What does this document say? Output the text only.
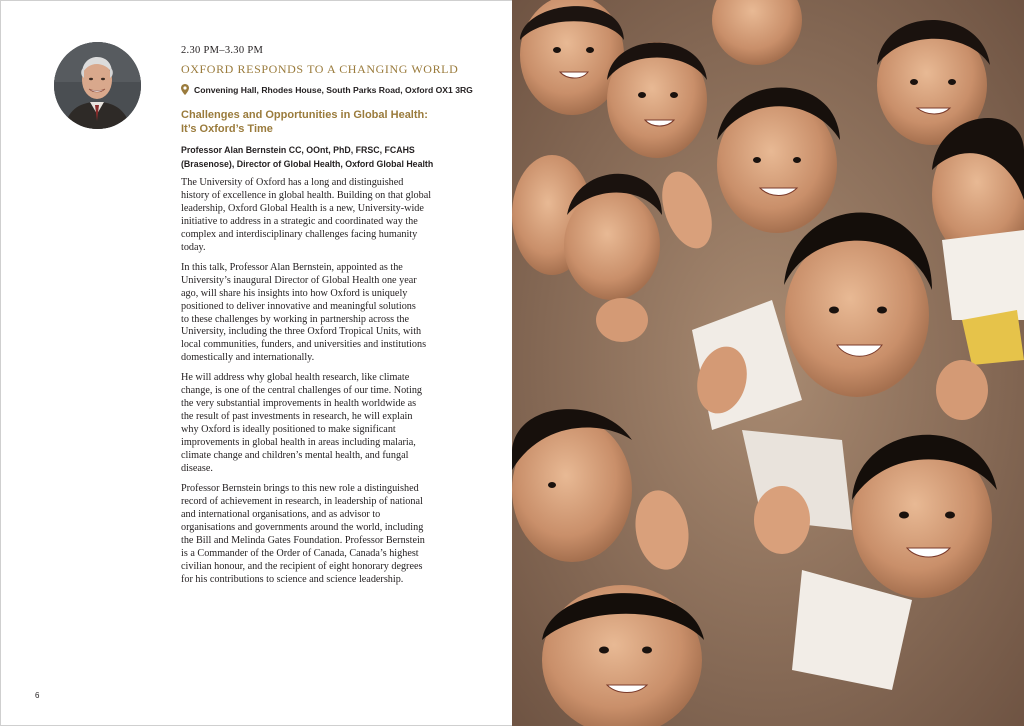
2.30 PM–3.30 PM
OXFORD RESPONDS TO A CHANGING WORLD
Convening Hall, Rhodes House, South Parks Road, Oxford OX1 3RG
Challenges and Opportunities in Global Health:
It’s Oxford’s Time
Professor Alan Bernstein CC, OOnt, PhD, FRSC, FCAHS
(Brasenose), Director of Global Health, Oxford Global Health
The University of Oxford has a long and distinguished
history of excellence in global health. Building on that global
leadership, Oxford Global Health is a new, University-wide
initiative to address in a strategic and coordinated way the
complex and interdisciplinary challenges facing humanity
today.
In this talk, Professor Alan Bernstein, appointed as the
University’s inaugural Director of Global Health one year
ago, will share his insights into how Oxford is uniquely
positioned to deliver innovative and meaningful solutions
to these challenges by working in partnership across the
University, including the three Oxford Tropical Units, with
local communities, funders, and universities and institutions
domestically and internationally.
He will address why global health research, like climate
change, is one of the central challenges of our time. Noting
the very substantial improvements in health worldwide as
the result of past investments in research, he will explain
why Oxford is ideally positioned to make significant
improvements in global health in areas including malaria,
climate change and children’s mental health, and fungal
disease.
Professor Bernstein brings to this new role a distinguished
record of achievement in research, in leadership of national
and international organisations, and as advisor to
organisations and governments around the world, including
the Bill and Melinda Gates Foundation. Professor Bernstein
is a Commander of the Order of Canada, Canada’s highest
civilian honour, and the recipient of eight honorary degrees
for his contributions to science and science leadership.
6
